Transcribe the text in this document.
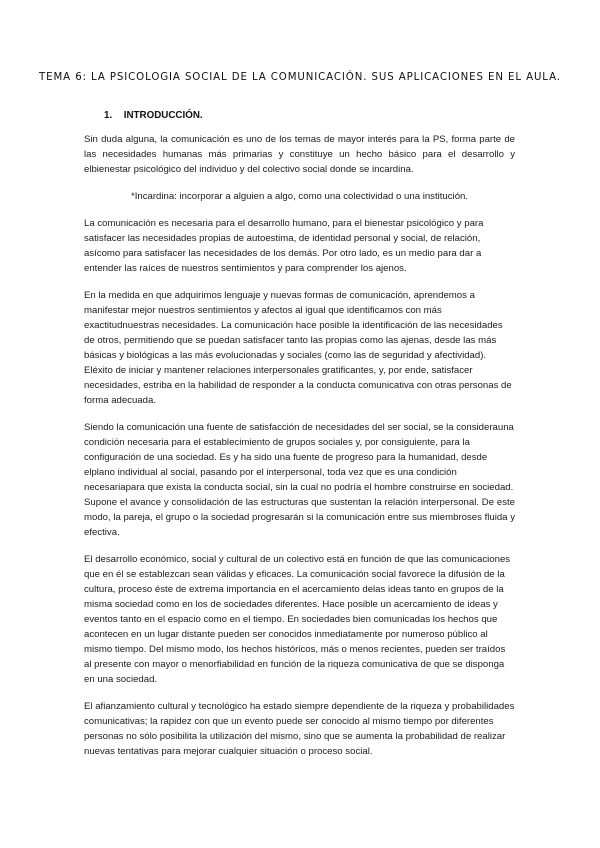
TEMA 6: LA PSICOLOGIA SOCIAL DE LA COMUNICACIÓN. SUS APLICACIONES EN EL AULA.
1. INTRODUCCIÓN.

Sin duda alguna, la comunicación es uno de los temas de mayor interés para la PS, forma parte de las necesidades humanas más primarias y constituye un hecho básico para el desarrollo y elbienestar psicológico del individuo y del colectivo social donde se incardina.

*Incardina: incorporar a alguien a algo, como una colectividad o una institución.

La comunicación es necesaria para el desarrollo humano, para el bienestar psicológico y para satisfacer las necesidades propias de autoestima, de identidad personal y social, de relación, asícomo para satisfacer las necesidades de los demás. Por otro lado, es un medio para dar a entender las raíces de nuestros sentimientos y para comprender los ajenos.

En la medida en que adquirimos lenguaje y nuevas formas de comunicación, aprendemos a manifestar mejor nuestros sentimientos y afectos al igual que identificamos con más exactitudnuestras necesidades. La comunicación hace posible la identificación de las necesidades de otros, permitiendo que se puedan satisfacer tanto las propias como las ajenas, desde las más básicas y biológicas a las más evolucionadas y sociales (como las de seguridad y afectividad). Eléxito de iniciar y mantener relaciones interpersonales gratificantes, y, por ende, satisfacer necesidades, estriba en la habilidad de responder a la conducta comunicativa con otras personas de forma adecuada.

Siendo la comunicación una fuente de satisfacción de necesidades del ser social, se la considerauna condición necesaria para el establecimiento de grupos sociales y, por consiguiente, para la configuración de una sociedad. Es y ha sido una fuente de progreso para la humanidad, desde elplano individual al social, pasando por el interpersonal, toda vez que es una condición necesariapara que exista la conducta social, sin la cual no podría el hombre construirse en sociedad.

Supone el avance y consolidación de las estructuras que sustentan la relación interpersonal. De este modo, la pareja, el grupo o la sociedad progresarán si la comunicación entre sus miembroses fluida y efectiva.

El desarrollo económico, social y cultural de un colectivo está en función de que las comunicaciones que en él se establezcan sean válidas y eficaces. La comunicación social favorece la difusión de la cultura, proceso éste de extrema importancia en el acercamiento delas ideas tanto en grupos de la misma sociedad como en los de sociedades diferentes. Hace posible un acercamiento de ideas y eventos tanto en el espacio como en el tiempo. En sociedades bien comunicadas los hechos que acontecen en un lugar distante pueden ser conocidos inmediatamente por numeroso público al mismo tiempo. Del mismo modo, los hechos históricos, más o menos recientes, pueden ser traídos al presente con mayor o menorfiabilidad en función de la riqueza comunicativa de que se disponga en una sociedad.

El afianzamiento cultural y tecnológico ha estado siempre dependiente de la riqueza y probabilidades comunicativas; la rapidez con que un evento puede ser conocido al mismo tiempo por diferentes personas no sólo posibilita la utilización del mismo, sino que se aumenta la probabilidad de realizar nuevas tentativas para mejorar cualquier situación o proceso social.
